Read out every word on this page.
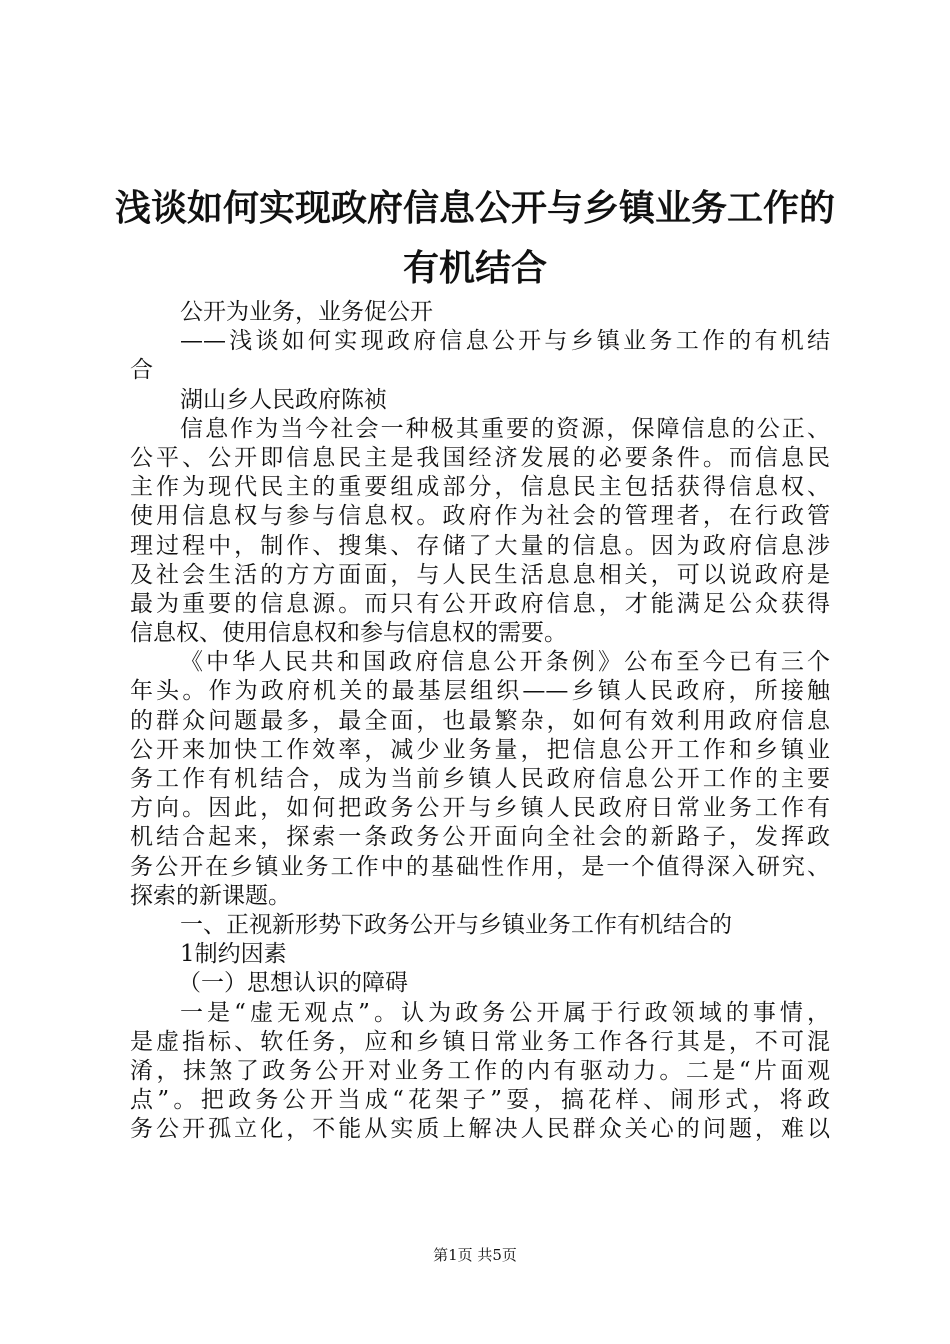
浅谈如何实现政府信息公开与乡镇业务工作的
有机结合
公开为业务，业务促公开
——浅谈如何实现政府信息公开与乡镇业务工作的有机结
合
湖山乡人民政府陈祯
信息作为当今社会一种极其重要的资源，保障信息的公正、
公平、公开即信息民主是我国经济发展的必要条件。而信息民
主作为现代民主的重要组成部分，信息民主包括获得信息权、
使用信息权与参与信息权。政府作为社会的管理者，在行政管
理过程中，制作、搜集、存储了大量的信息。因为政府信息涉
及社会生活的方方面面，与人民生活息息相关，可以说政府是
最为重要的信息源。而只有公开政府信息，才能满足公众获得
信息权、使用信息权和参与信息权的需要。
《中华人民共和国政府信息公开条例》公布至今已有三个
年头。作为政府机关的最基层组织——乡镇人民政府，所接触
的群众问题最多，最全面，也最繁杂，如何有效利用政府信息
公开来加快工作效率，减少业务量，把信息公开工作和乡镇业
务工作有机结合，成为当前乡镇人民政府信息公开工作的主要
方向。因此，如何把政务公开与乡镇人民政府日常业务工作有
机结合起来，探索一条政务公开面向全社会的新路子，发挥政
务公开在乡镇业务工作中的基础性作用，是一个值得深入研究、
探索的新课题。
一、正视新形势下政务公开与乡镇业务工作有机结合的
1制约因素
（一）思想认识的障碍
一是“虚无观点”。认为政务公开属于行政领域的事情，
是虚指标、软任务，应和乡镇日常业务工作各行其是，不可混
淆，抹煞了政务公开对业务工作的内有驱动力。二是“片面观
点”。把政务公开当成“花架子”耍，搞花样、闹形式，将政
务公开孤立化，不能从实质上解决人民群众关心的问题，难以
第1页 共5页
